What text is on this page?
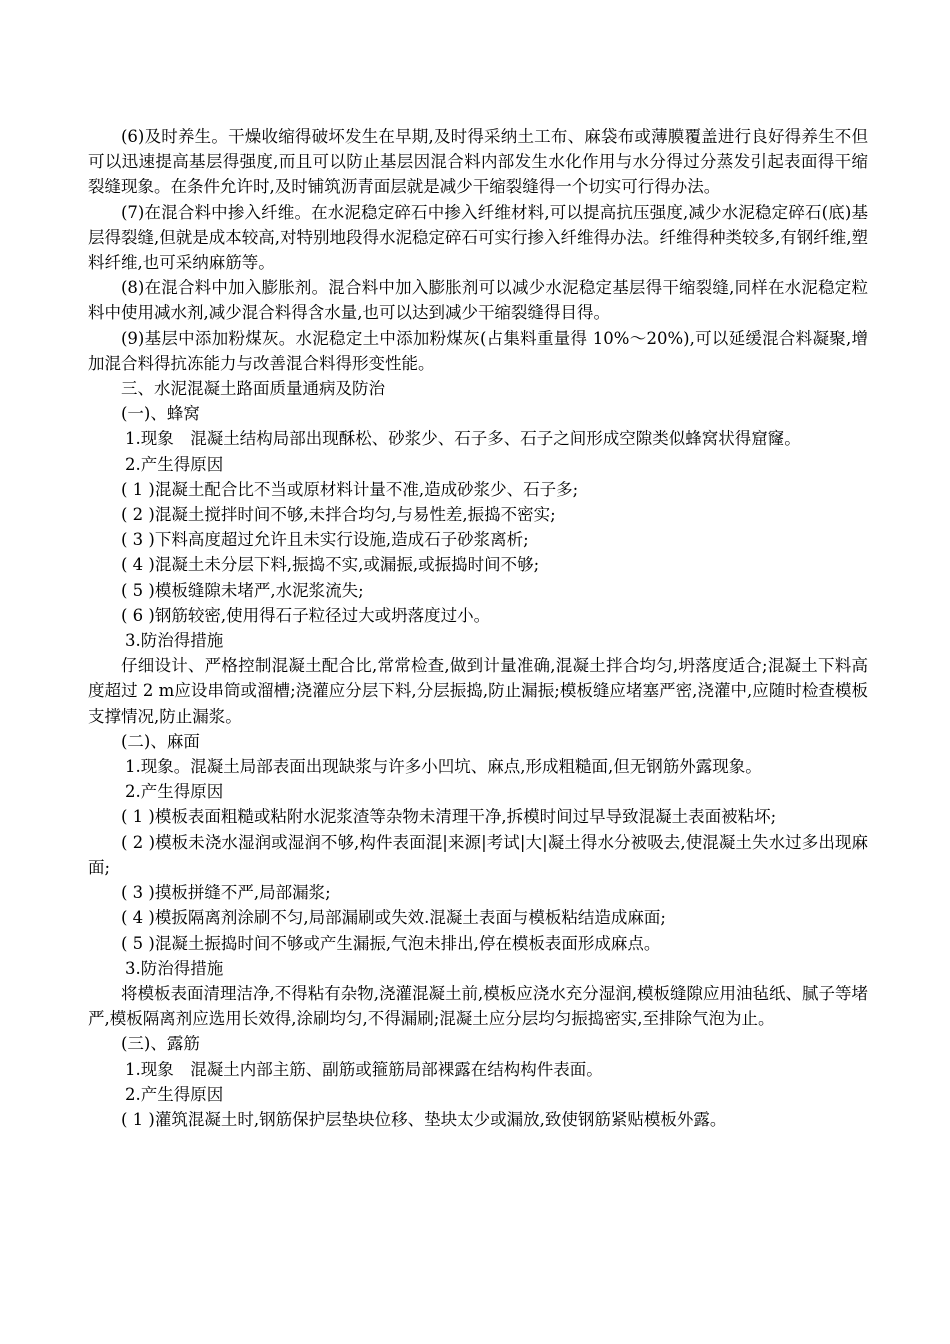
(6)及时养生。干燥收缩得破坏发生在早期,及时得采纳土工布、麻袋布或薄膜覆盖进行良好得养生不但可以迅速提高基层得强度,而且可以防止基层因混合料内部发生水化作用与水分得过分蒸发引起表面得干缩裂缝现象。在条件允许时,及时铺筑沥青面层就是减少干缩裂缝得一个切实可行得办法。

(7)在混合料中掺入纤维。在水泥稳定碎石中掺入纤维材料,可以提高抗压强度,减少水泥稳定碎石(底)基层得裂缝,但就是成本较高,对特别地段得水泥稳定碎石可实行掺入纤维得办法。纤维得种类较多,有钢纤维,塑料纤维,也可采纳麻筋等。

(8)在混合料中加入膨胀剂。混合料中加入膨胀剂可以减少水泥稳定基层得干缩裂缝,同样在水泥稳定粒料中使用减水剂,减少混合料得含水量,也可以达到减少干缩裂缝得目得。

(9)基层中添加粉煤灰。水泥稳定土中添加粉煤灰(占集料重量得 10%～20%),可以延缓混合料凝聚,增加混合料得抗冻能力与改善混合料得形变性能。

三、水泥混凝土路面质量通病及防治

(一)、蜂窝

1.现象　混凝土结构局部出现酥松、砂浆少、石子多、石子之间形成空隙类似蜂窝状得窟窿。

2.产生得原因

( 1 )混凝土配合比不当或原材料计量不准,造成砂浆少、石子多;

( 2 )混凝土搅拌时间不够,未拌合均匀,与易性差,振捣不密实;

( 3 )下料高度超过允许且未实行设施,造成石子砂浆离析;

( 4 )混凝土未分层下料,振捣不实,或漏振,或振捣时间不够;

( 5 )模板缝隙未堵严,水泥浆流失;

( 6 )钢筋较密,使用得石子粒径过大或坍落度过小。

3.防治得措施

仔细设计、严格控制混凝土配合比,常常检查,做到计量准确,混凝土拌合均匀,坍落度适合;混凝土下料高度超过 2 m应设串筒或溜槽;浇灌应分层下料,分层振捣,防止漏振;模板缝应堵塞严密,浇灌中,应随时检查模板支撑情况,防止漏浆。

(二)、麻面

1.现象。混凝土局部表面出现缺浆与许多小凹坑、麻点,形成粗糙面,但无钢筋外露现象。

2.产生得原因

( 1 )模板表面粗糙或粘附水泥浆渣等杂物未清理干净,拆模时间过早导致混凝土表面被粘坏;

( 2 )模板未浇水湿润或湿润不够,构件表面混|来源|考试|大|凝土得水分被吸去,使混凝土失水过多出现麻面;

( 3 )摸板拼缝不严,局部漏浆;

( 4 )模扳隔离剂涂刷不匀,局部漏刷或失效.混凝土表面与模板粘结造成麻面;

( 5 )混凝土振捣时间不够或产生漏振,气泡未排出,停在模板表面形成麻点。

3.防治得措施

将模板表面清理洁净,不得粘有杂物,浇灌混凝土前,模板应浇水充分湿润,模板缝隙应用油毡纸、腻子等堵严,模板隔离剂应选用长效得,涂刷均匀,不得漏刷;混凝土应分层均匀振捣密实,至排除气泡为止。

(三)、露筋

1.现象　混凝土内部主筋、副筋或箍筋局部裸露在结构构件表面。

2.产生得原因

( 1 )灌筑混凝土时,钢筋保护层垫块位移、垫块太少或漏放,致使钢筋紧贴模板外露。
